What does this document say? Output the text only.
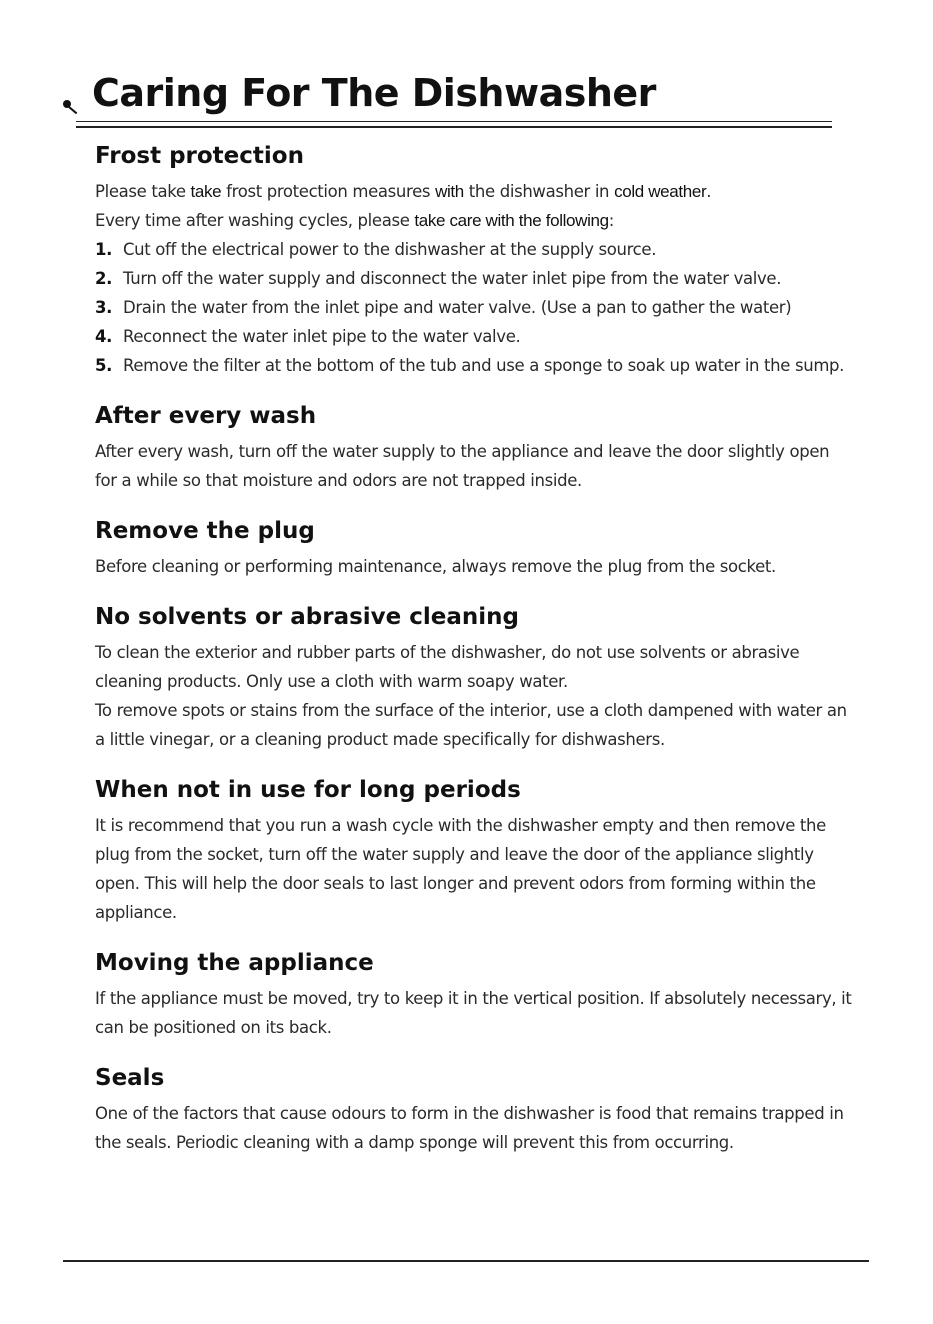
Caring For The Dishwasher
Frost protection

Please take take frost protection measures with the dishwasher in cold weather.

Every time after washing cycles, please take care with the following:

1. Cut off the electrical power to the dishwasher at the supply source.
2. Turn off the water supply and disconnect the water inlet pipe from the water valve.
3. Drain the water from the inlet pipe and water valve. (Use a pan to gather the water)
4. Reconnect the water inlet pipe to the water valve.
5. Remove the filter at the bottom of the tub and use a sponge to soak up water in the sump.
After every wash

After every wash, turn off the water supply to the appliance and leave the door slightly open for a while so that moisture and odors are not trapped inside.

Remove the plug

Before cleaning or performing maintenance, always remove the plug from the socket.

No solvents or abrasive cleaning

To clean the exterior and rubber parts of the dishwasher, do not use solvents or abrasive cleaning products. Only use a cloth with warm soapy water.

To remove spots or stains from the surface of the interior, use a cloth dampened with water an a little vinegar, or a cleaning product made specifically for dishwashers.

When not in use for long periods

It is recommend that you run a wash cycle with the dishwasher empty and then remove the plug from the socket, turn off the water supply and leave the door of the appliance slightly open. This will help the door seals to last longer and prevent odors from forming within the appliance.

Moving the appliance

If the appliance must be moved, try to keep it in the vertical position. If absolutely necessary, it can be positioned on its back.

Seals

One of the factors that cause odours to form in the dishwasher is food that remains trapped in the seals. Periodic cleaning with a damp sponge will prevent this from occurring.
